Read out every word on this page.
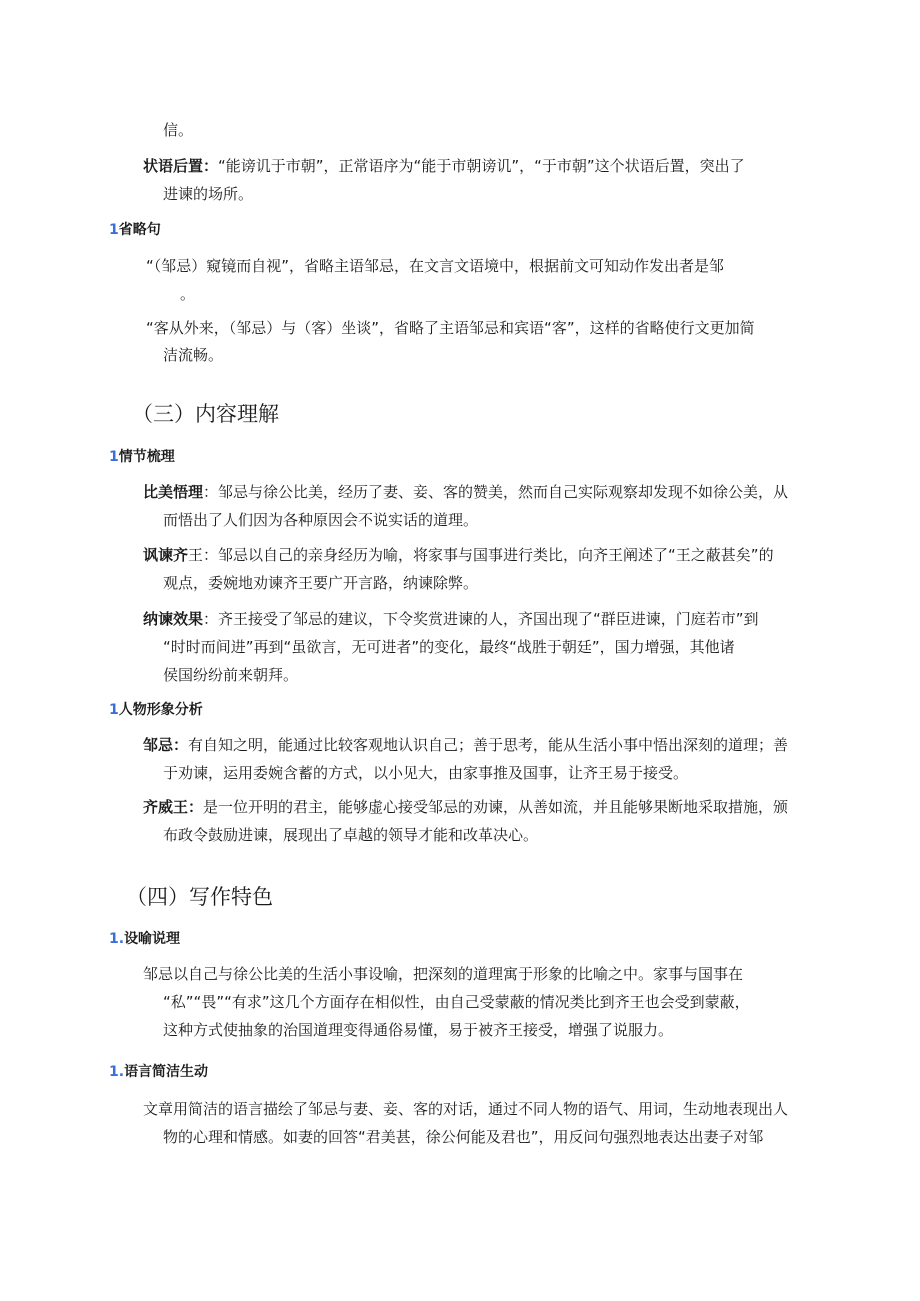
信。
状语后置：“能谤讥于市朝”，正常语序为“能于市朝谤讥”，“于市朝”这个状语后置，突出了
进谏的场所。
1省略句
“（邹忌）窥镜而自视”，省略主语邹忌，在文言文语境中，根据前文可知动作发出者是邹
。
“客从外来，（邹忌）与（客）坐谈”，省略了主语邹忌和宾语“客”，这样的省略使行文更加简
洁流畅。
（三）内容理解
1情节梳理
比美悟理：邹忌与徐公比美，经历了妻、妾、客的赞美，然而自己实际观察却发现不如徐公美，从
而悟出了人们因为各种原因会不说实话的道理。
讽谏齐王：邹忌以自己的亲身经历为喻，将家事与国事进行类比，向齐王阐述了“王之蔽甚矣”的
观点，委婉地劝谏齐王要广开言路，纳谏除弊。
纳谏效果：齐王接受了邹忌的建议，下令奖赏进谏的人，齐国出现了“群臣进谏，门庭若市”到
“时时而间进”再到“虽欲言，无可进者”的变化，最终“战胜于朝廷”，国力增强，其他诸
侯国纷纷前来朝拜。
1人物形象分析
邹忌：有自知之明，能通过比较客观地认识自己；善于思考，能从生活小事中悟出深刻的道理；善
于劝谏，运用委婉含蓄的方式，以小见大，由家事推及国事，让齐王易于接受。
齐威王：是一位开明的君主，能够虚心接受邹忌的劝谏，从善如流，并且能够果断地采取措施，颁
布政令鼓励进谏，展现出了卓越的领导才能和改革决心。
（四）写作特色
1.设喻说理
邹忌以自己与徐公比美的生活小事设喻，把深刻的道理寓于形象的比喻之中。家事与国事在
“私”“畏”“有求”这几个方面存在相似性，由自己受蒙蔽的情况类比到齐王也会受到蒙蔽，
这种方式使抽象的治国道理变得通俗易懂，易于被齐王接受，增强了说服力。
1.语言简洁生动
文章用简洁的语言描绘了邹忌与妻、妾、客的对话，通过不同人物的语气、用词，生动地表现出人
物的心理和情感。如妻的回答“君美甚，徐公何能及君也”，用反问句强烈地表达出妻子对邹
